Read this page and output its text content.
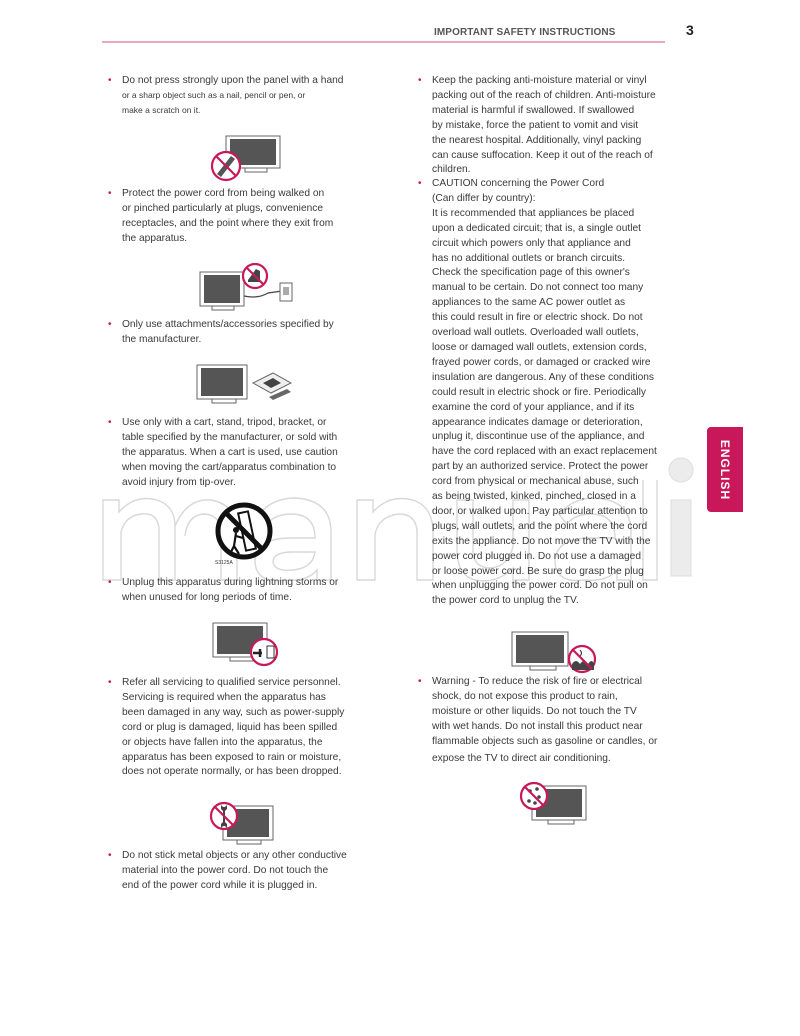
IMPORTANT SAFETY INSTRUCTIONS	3
ENGLISH
• Do not press strongly upon the panel with a hand
or a sharp object such as a nail, pencil or pen, or
make a scratch on it.
• Protect the power cord from being walked on
or pinched particularly at plugs, convenience
receptacles, and the point where they exit from
the apparatus.
• Only use attachments/accessories specified by
the manufacturer.
• Use only with a cart, stand, tripod, bracket, or
table specified by the manufacturer, or sold with
the apparatus. When a cart is used, use caution
when moving the cart/apparatus combination to
avoid injury from tip-over.
S3125A
• Unplug this apparatus during lightning storms or
when unused for long periods of time.
• Refer all servicing to qualified service personnel.
Servicing is required when the apparatus has
been damaged in any way, such as power-supply
cord or plug is damaged, liquid has been spilled
or objects have fallen into the apparatus, the
apparatus has been exposed to rain or moisture,
does not operate normally, or has been dropped.
• Do not stick metal objects or any other conductive
material into the power cord. Do not touch the
end of the power cord while it is plugged in.
• Keep the packing anti-moisture material or vinyl
packing out of the reach of children. Anti-moisture
material is harmful if swallowed. If swallowed
by mistake, force the patient to vomit and visit
the nearest hospital. Additionally, vinyl packing
can cause suffocation. Keep it out of the reach of
children.
• CAUTION concerning the Power Cord
(Can differ by country):
It is recommended that appliances be placed
upon a dedicated circuit; that is, a single outlet
circuit which powers only that appliance and
has no additional outlets or branch circuits.
Check the specification page of this owner's
manual to be certain. Do not connect too many
appliances to the same AC power outlet as
this could result in fire or electric shock. Do not
overload wall outlets. Overloaded wall outlets,
loose or damaged wall outlets, extension cords,
frayed power cords, or damaged or cracked wire
insulation are dangerous. Any of these conditions
could result in electric shock or fire. Periodically
examine the cord of your appliance, and if its
appearance indicates damage or deterioration,
unplug it, discontinue use of the appliance, and
have the cord replaced with an exact replacement
part by an authorized service. Protect the power
cord from physical or mechanical abuse, such
as being twisted, kinked, pinched, closed in a
door, or walked upon. Pay particular attention to
plugs, wall outlets, and the point where the cord
exits the appliance. Do not move the TV with the
power cord plugged in. Do not use a damaged
or loose power cord. Be sure do grasp the plug
when unplugging the power cord. Do not pull on
the power cord to unplug the TV.
• Warning - To reduce the risk of fire or electrical
shock, do not expose this product to rain,
moisture or other liquids. Do not touch the TV
with wet hands. Do not install this product near
flammable objects such as gasoline or candles, or
expose the TV to direct air conditioning.
